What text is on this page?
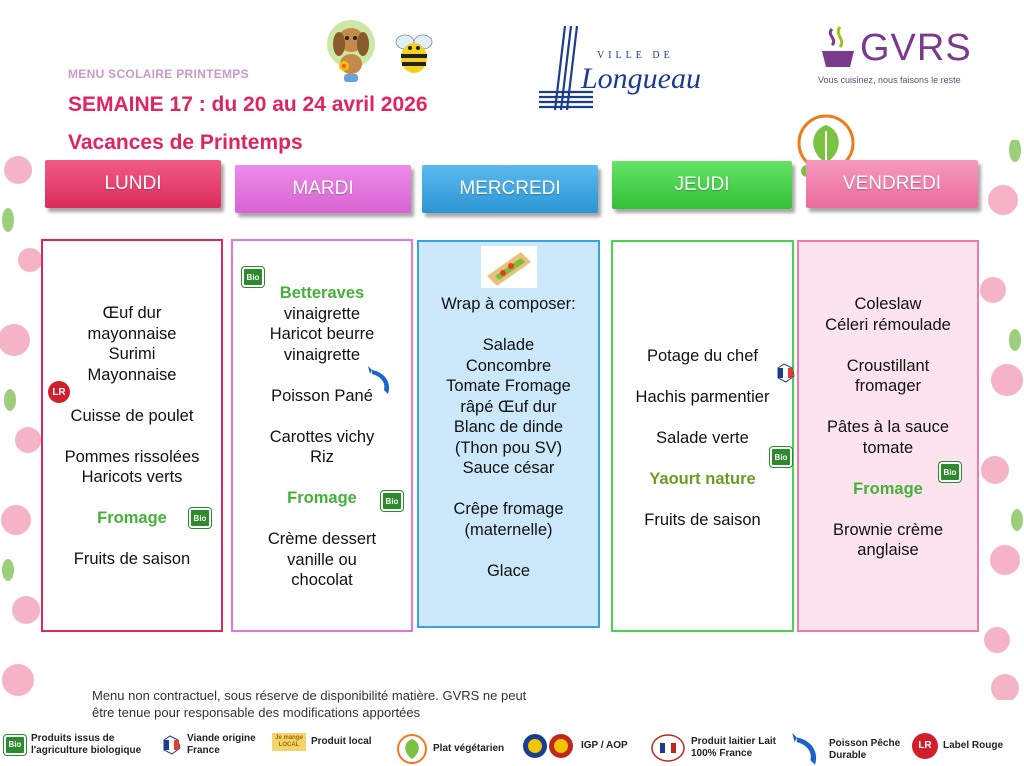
MENU SCOLAIRE PRINTEMPS
SEMAINE 17 : du 20 au 24 avril 2026
Vacances de Printemps
VILLE DE
Longueau
GVRS
Vous cuisinez, nous faisons le reste
LUNDI	MARDI	MERCREDI	JEUDI	VENDREDI

Œuf dur

mayonnaise

Surimi

Mayonnaise

Cuisse de poulet

Pommes rissolées

Haricots verts

Fromage

Fruits de saison

LR
Bio

Betteraves

vinaigrette

Haricot beurre

vinaigrette

Poisson Pané

Carottes vichy

Riz

Fromage

Crème dessert

vanille ou

chocolat

Bio
Bio

Wrap à composer:

Salade

Concombre

Tomate Fromage

râpé Œuf dur

Blanc de dinde

(Thon pou SV)

Sauce césar

Crêpe fromage

(maternelle)

Glace

Potage du chef

Hachis parmentier

Salade verte

Yaourt nature

Fruits de saison

Bio

Coleslaw

Céleri rémoulade

Croustillant

fromager

Pâtes à la sauce

tomate

Fromage

Brownie crème

anglaise

Bio
Menu non contractuel, sous réserve de disponibilité matière. GVRS ne peut être tenue pour responsable des modifications apportées
Bio
Produits issus de l'agriculture biologique
Viande origine France
Je mange LOCAL	Produit local
Plat végétarien	IGP / AOP	Produit laitier Lait 100% France
Poisson Pêche Durable
LR	Label Rouge
